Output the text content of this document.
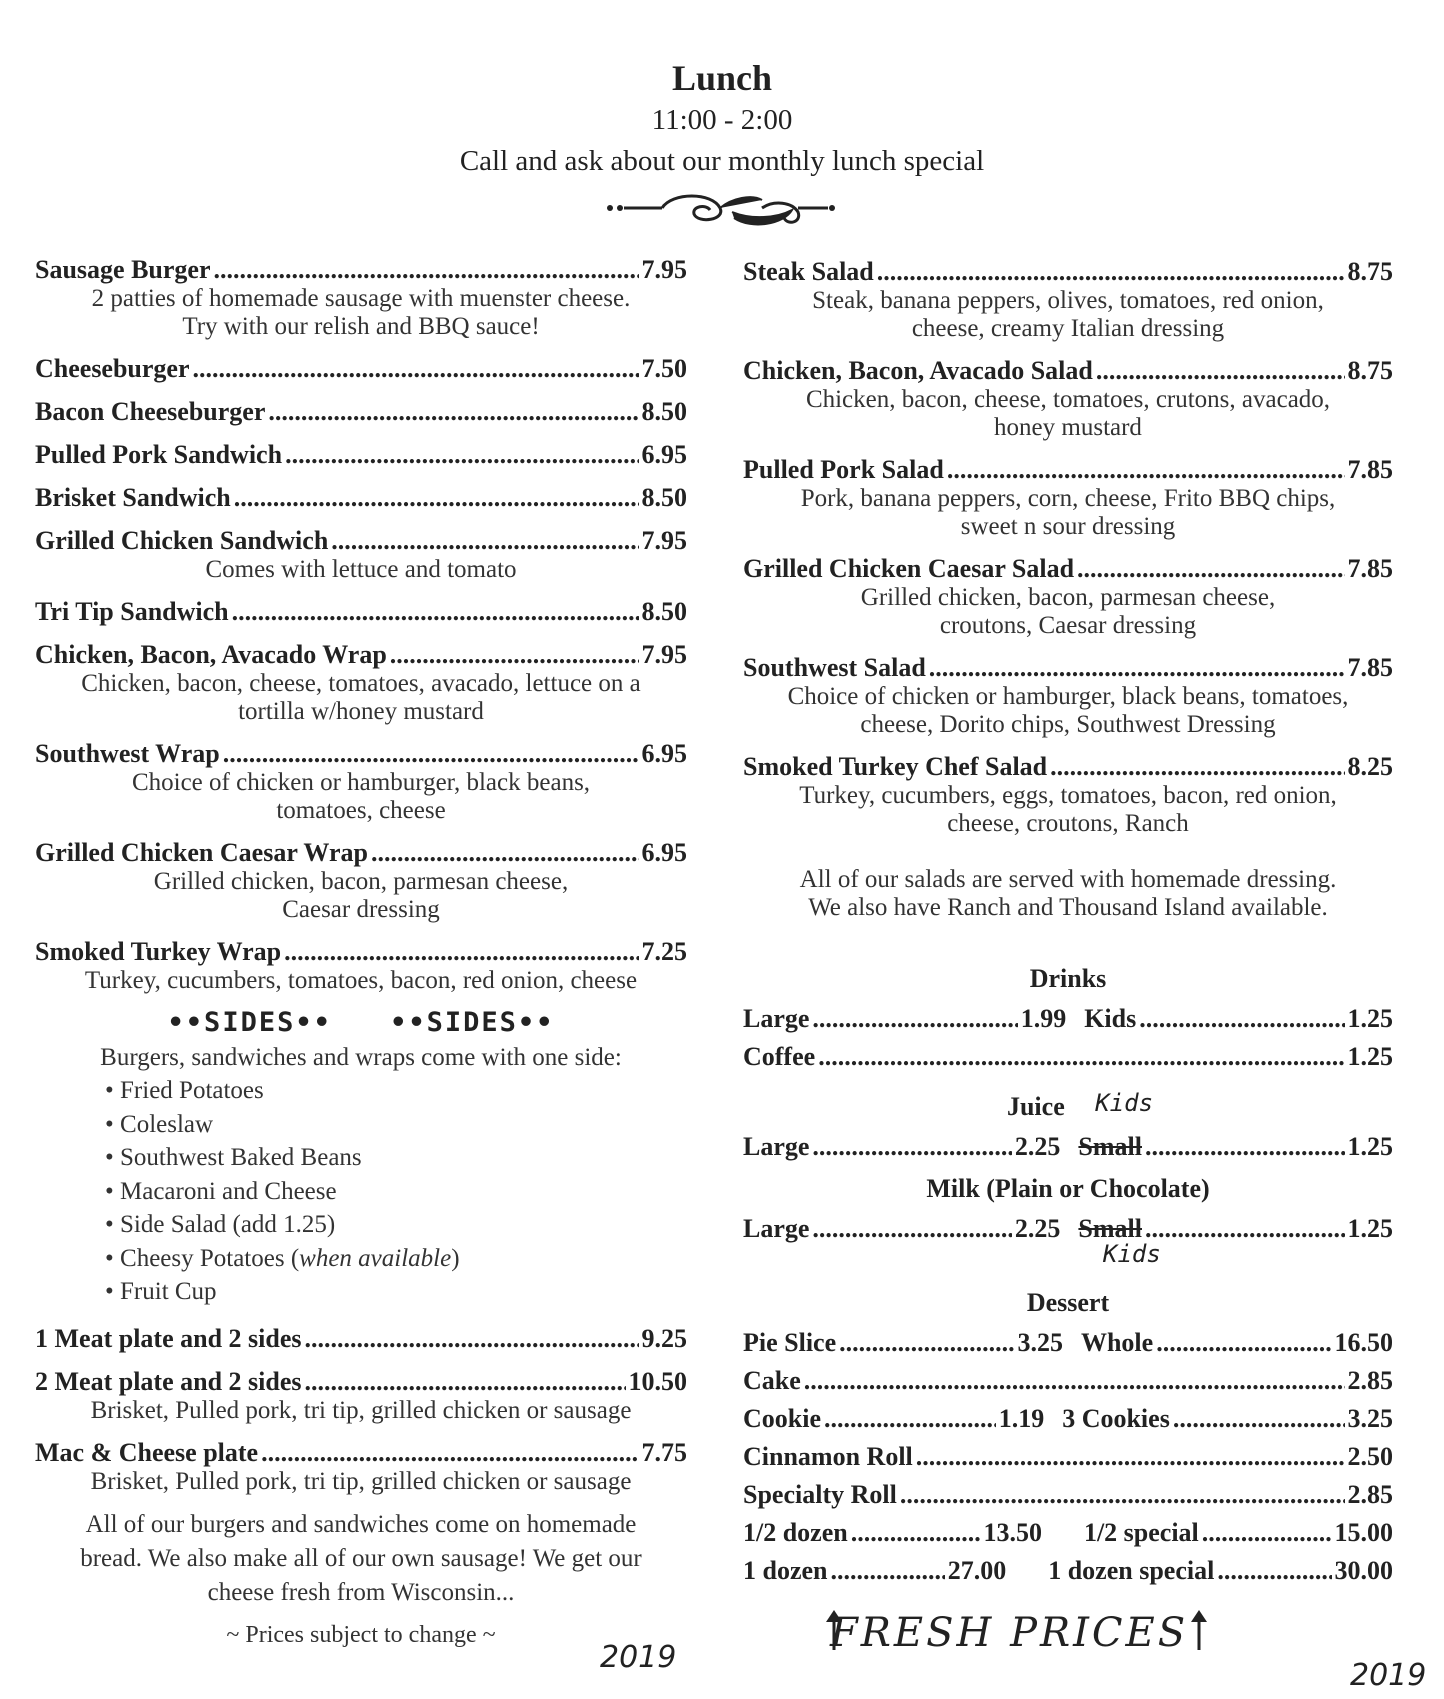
Lunch
11:00 - 2:00
Call and ask about our monthly lunch special
Sausage Burger .....	7.95
2 patties of homemade sausage with muenster cheese.
Try with our relish and BBQ sauce!
Cheeseburger .....	7.50
Bacon Cheeseburger .....	8.50
Pulled Pork Sandwich .....	6.95
Brisket Sandwich .....	8.50
Grilled Chicken Sandwich .....	7.95
Comes with lettuce and tomato
Tri Tip Sandwich .....	8.50
Chicken, Bacon, Avacado Wrap .....	7.95
Chicken, bacon, cheese, tomatoes, avacado, lettuce on a
tortilla w/honey mustard
Southwest Wrap .....	6.95
Choice of chicken or hamburger, black beans,
tomatoes, cheese
Grilled Chicken Caesar Wrap .....	6.95
Grilled chicken, bacon, parmesan cheese,
Caesar dressing
Smoked Turkey Wrap .....	7.25
Turkey, cucumbers, tomatoes, bacon, red onion, cheese
••SIDES•• ••SIDES••
Burgers, sandwiches and wraps come with one side:
• Fried Potatoes
• Coleslaw
• Southwest Baked Beans
• Macaroni and Cheese
• Side Salad (add 1.25)
• Cheesy Potatoes (when available)
• Fruit Cup
1 Meat plate and 2 sides .....	9.25
2 Meat plate and 2 sides .....	10.50
Brisket, Pulled pork, tri tip, grilled chicken or sausage
Mac & Cheese plate .....	7.75
Brisket, Pulled pork, tri tip, grilled chicken or sausage
All of our burgers and sandwiches come on homemade
bread. We also make all of our own sausage! We get our
cheese fresh from Wisconsin...
~ Prices subject to change ~
Steak Salad .....	8.75
Steak, banana peppers, olives, tomatoes, red onion,
cheese, creamy Italian dressing
Chicken, Bacon, Avacado Salad .....	8.75
Chicken, bacon, cheese, tomatoes, crutons, avacado,
honey mustard
Pulled Pork Salad .....	7.85
Pork, banana peppers, corn, cheese, Frito BBQ chips,
sweet n sour dressing
Grilled Chicken Caesar Salad .....	7.85
Grilled chicken, bacon, parmesan cheese,
croutons, Caesar dressing
Southwest Salad .....	7.85
Choice of chicken or hamburger, black beans, tomatoes,
cheese, Dorito chips, Southwest Dressing
Smoked Turkey Chef Salad .....	8.25
Turkey, cucumbers, eggs, tomatoes, bacon, red onion,
cheese, croutons, Ranch
All of our salads are served with homemade dressing.
We also have Ranch and Thousand Island available.
Drinks
Large .....	1.99 Kids .....	1.25
Coffee .....	1.25
Juice Kids
Large .....	2.25 Small .....	1.25
Milk (Plain or Chocolate)
Large .....	2.25 Small .....	1.25
Kids
Dessert
Pie Slice .....	3.25 Whole .....	16.50
Cake .....	2.85
Cookie .....	1.19 3 Cookies .....	3.25
Cinnamon Roll .....	2.50
Specialty Roll .....	2.85
1/2 dozen .....	13.50 1/2 special .....	15.00
1 dozen .....	27.00 1 dozen special .....	30.00
FRESH PRICES
2019
2019
